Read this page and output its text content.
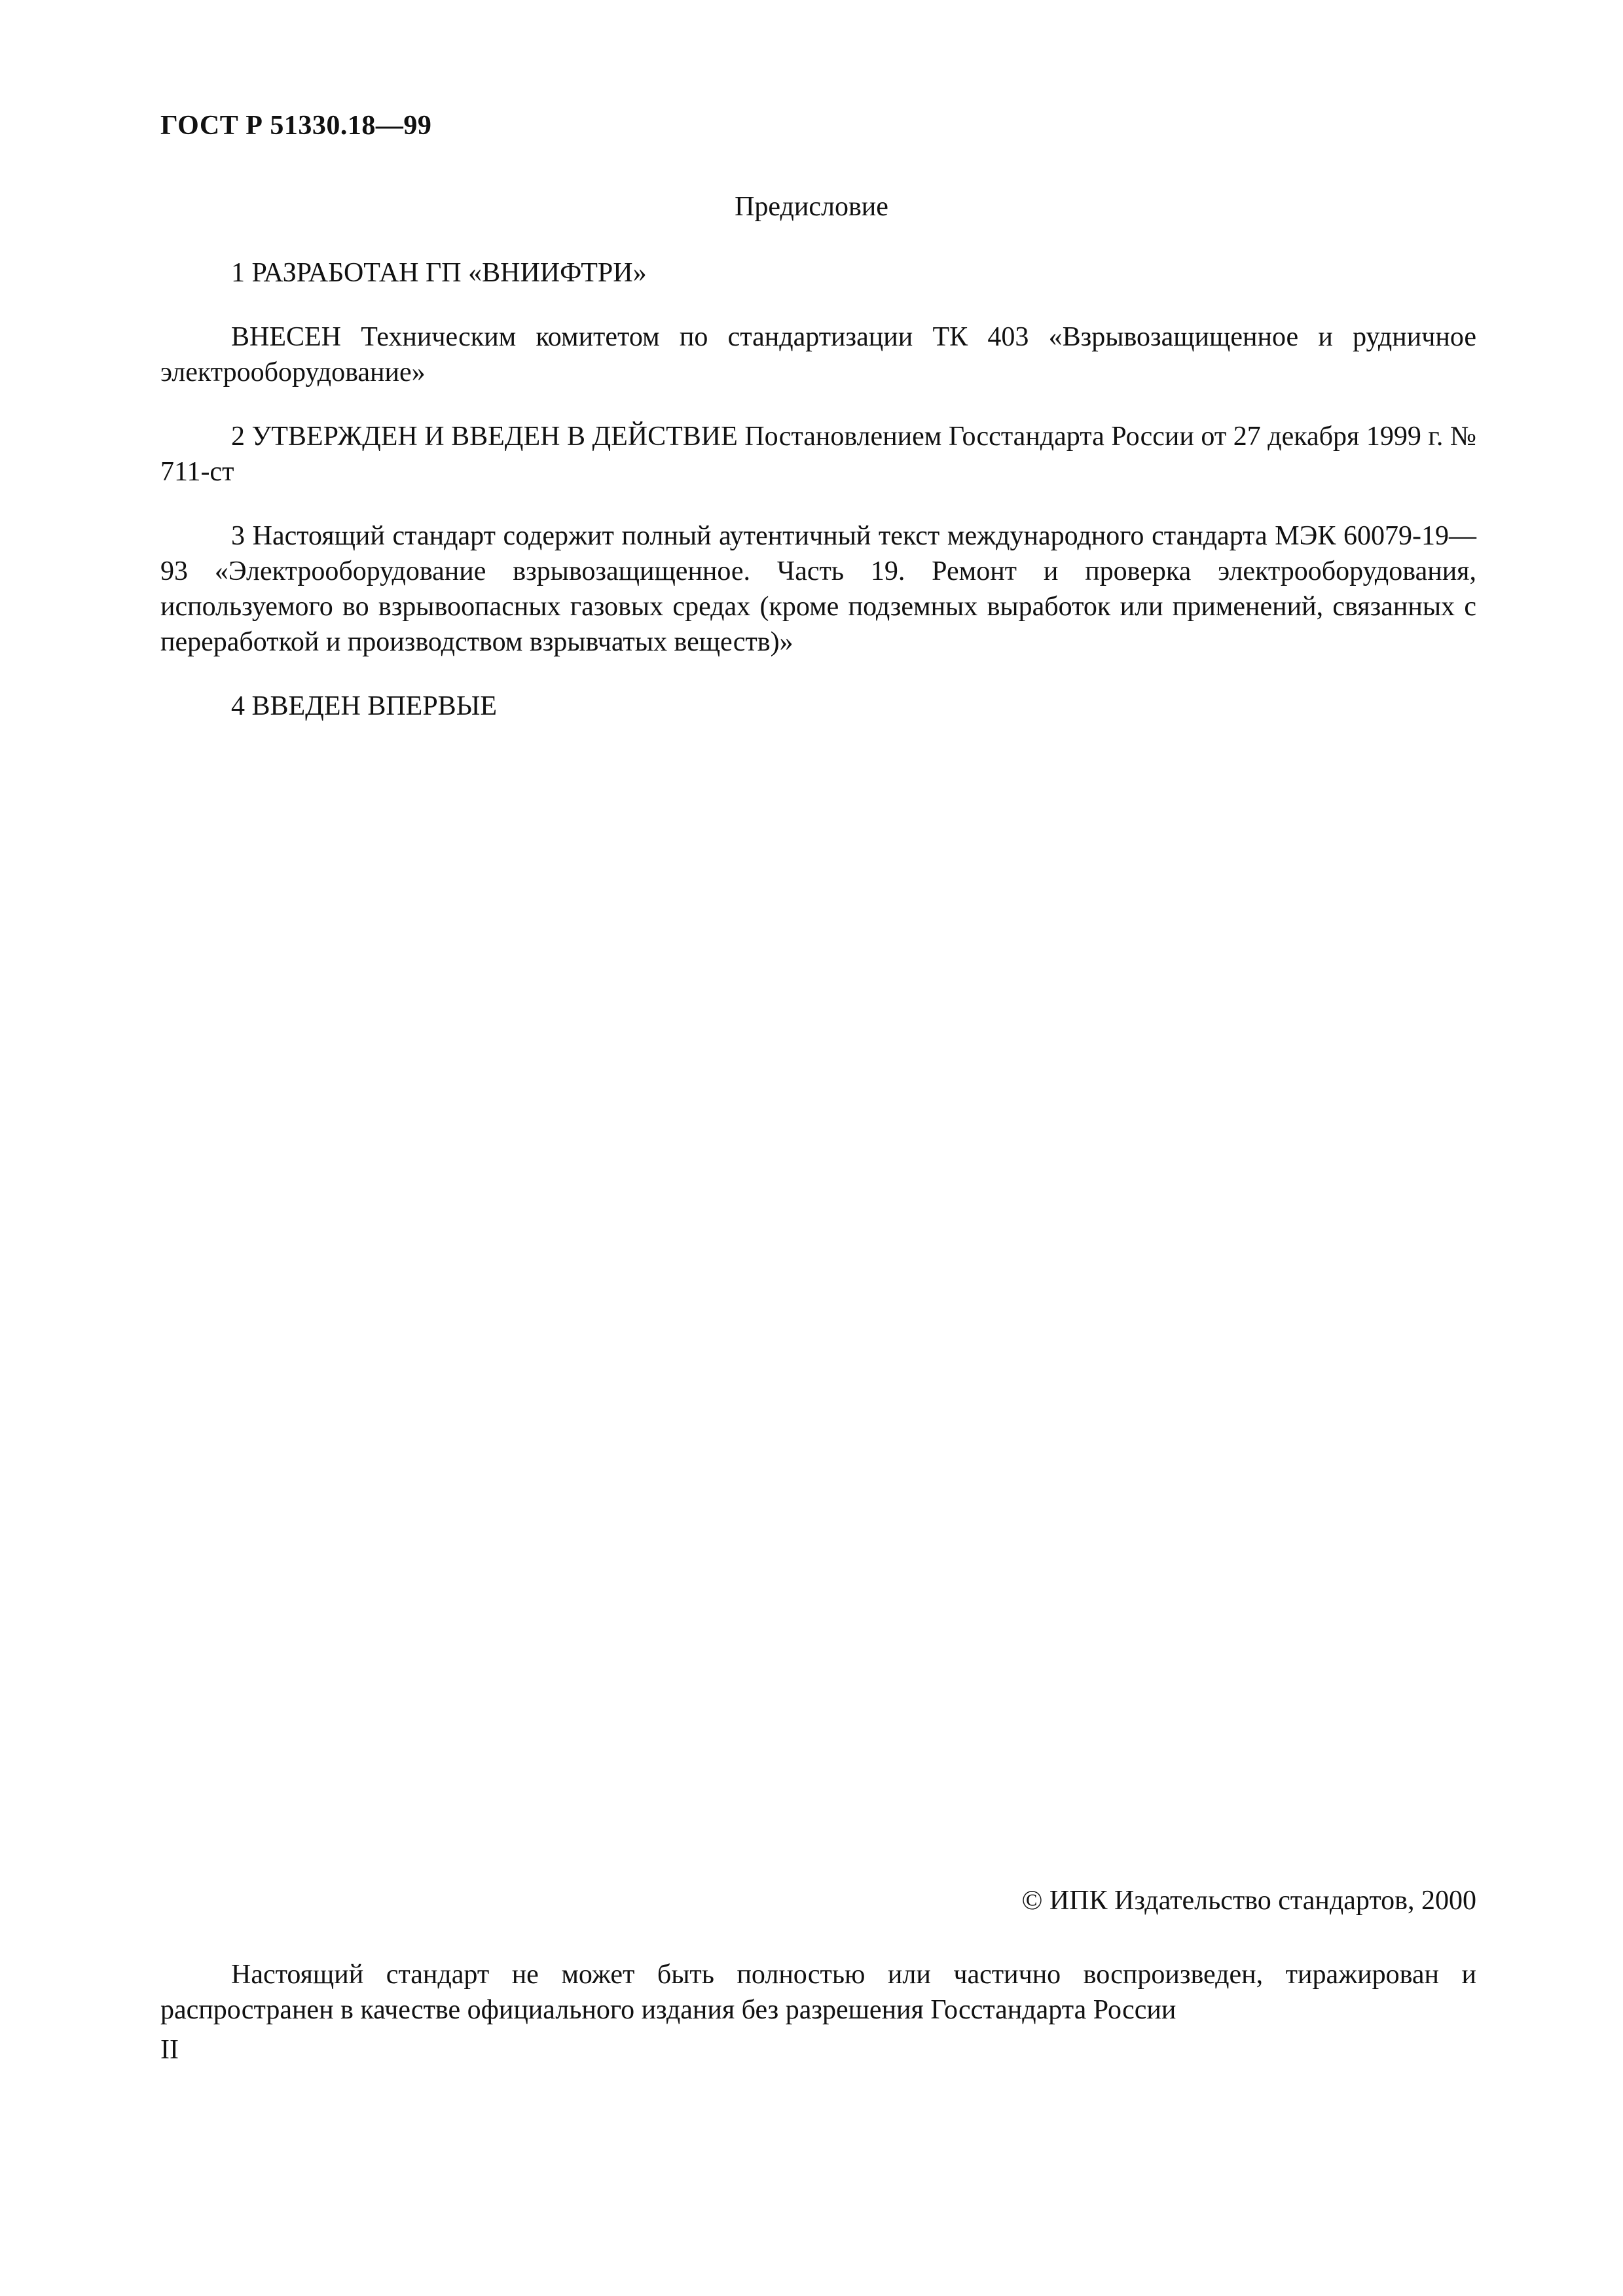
ГОСТ Р 51330.18—99
Предисловие

1 РАЗРАБОТАН ГП «ВНИИФТРИ»

ВНЕСЕН Техническим комитетом по стандартизации ТК 403 «Взрывозащищенное и рудничное электрооборудование»

2 УТВЕРЖДЕН И ВВЕДЕН В ДЕЙСТВИЕ Постановлением Госстандарта России от 27 декабря 1999 г. № 711-ст

3 Настоящий стандарт содержит полный аутентичный текст международного стандарта МЭК 60079-19—93 «Электрооборудование взрывозащищенное. Часть 19. Ремонт и проверка электрооборудования, используемого во взрывоопасных газовых средах (кроме подземных выработок или применений, связанных с переработкой и производством взрывчатых веществ)»

4 ВВЕДЕН ВПЕРВЫЕ

© ИПК Издательство стандартов, 2000

Настоящий стандарт не может быть полностью или частично воспроизведен, тиражирован и распространен в качестве официального издания без разрешения Госстандарта России

II
